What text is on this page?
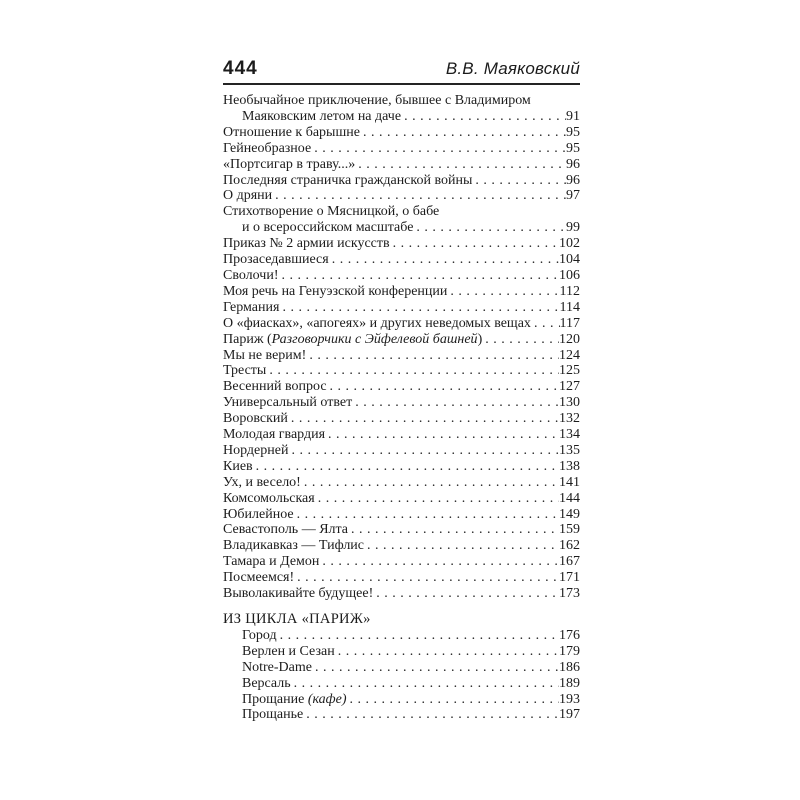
444	В.В. Маяковский
Необычайное приключение, бывшее с Владимиром
Маяковским летом на даче .....	91
Отношение к барышне .....	95
Гейнеобразное .....	95
«Портсигар в траву...» .....	96
Последняя страничка гражданской войны .....	96
О дряни .....	97
Стихотворение о Мясницкой, о бабе
и о всероссийском масштабе .....	99
Приказ № 2 армии искусств .....	102
Прозаседавшиеся .....	104
Сволочи! .....	106
Моя речь на Генуэзской конференции .....	112
Германия .....	114
О «фиасках», «апогеях» и других неведомых вещах ..... 117
Париж (Разговорчики с Эйфелевой башней) .....	120
Мы не верим! .....	124
Тресты .....	125
Весенний вопрос .....	127
Универсальный ответ .....	130
Воровский .....	132
Молодая гвардия .....	134
Нордерней .....	135
Киев .....	138
Ух, и весело! .....	141
Комсомольская .....	144
Юбилейное .....	149
Севастополь — Ялта .....	159
Владикавказ — Тифлис .....	162
Тамара и Демон .....	167
Посмеемся! .....	171
Выволакивайте будущее! .....	173
ИЗ ЦИКЛА «ПАРИЖ»
Город .....	176
Верлен и Сезан .....	179
Notre-Dame .....	186
Версаль .....	189
Прощание (кафе) .....	193
Прощанье .....	197
